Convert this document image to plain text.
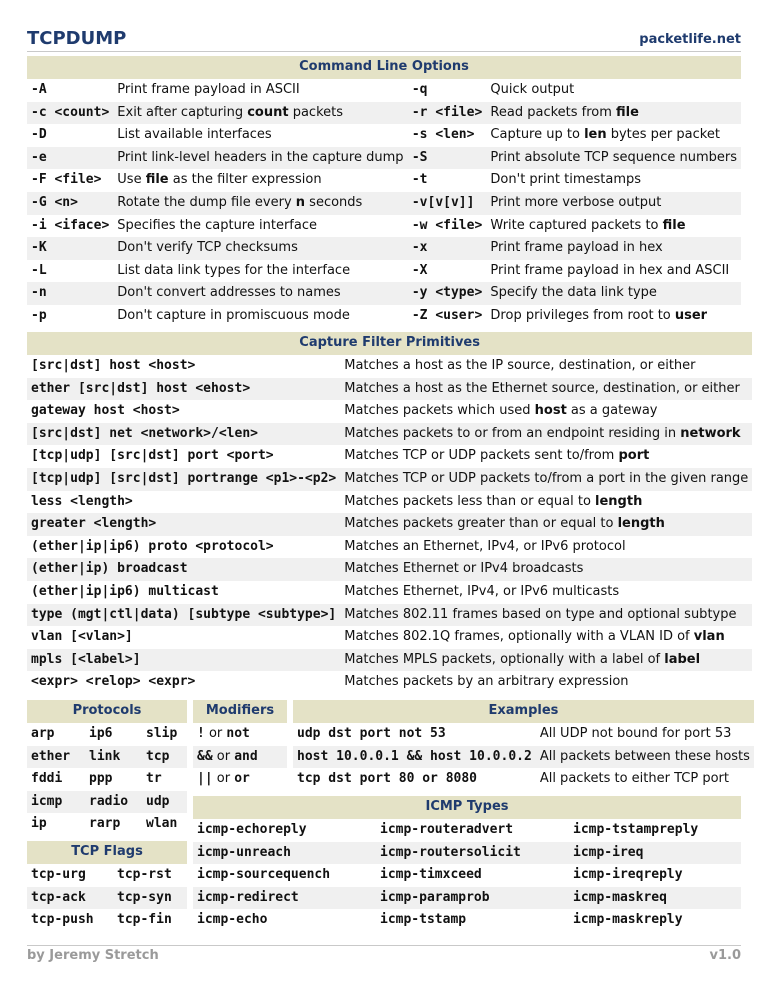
TCPDUMP	packetlife.net
Command Line Options			
-A	Print frame payload in ASCII	-q	Quick output
-c <count>	Exit after capturing count packets	-r <file>	Read packets from file
-D	List available interfaces	-s <len>	Capture up to len bytes per packet
-e	Print link-level headers in the capture dump	-S	Print absolute TCP sequence numbers
-F <file>	Use file as the filter expression	-t	Don't print timestamps
-G <n>	Rotate the dump file every n seconds	-v[v[v]]	Print more verbose output
-i <iface>	Specifies the capture interface	-w <file>	Write captured packets to file
-K	Don't verify TCP checksums	-x	Print frame payload in hex
-L	List data link types for the interface	-X	Print frame payload in hex and ASCII
-n	Don't convert addresses to names	-y <type>	Specify the data link type
-p	Don't capture in promiscuous mode	-Z <user>	Drop privileges from root to user
Capture Filter Primitives	
[src|dst] host <host>	Matches a host as the IP source, destination, or either
ether [src|dst] host <ehost>	Matches a host as the Ethernet source, destination, or either
gateway host <host>	Matches packets which used host as a gateway
[src|dst] net <network>/<len>	Matches packets to or from an endpoint residing in network
[tcp|udp] [src|dst] port <port>	Matches TCP or UDP packets sent to/from port
[tcp|udp] [src|dst] portrange <p1>-<p2>	Matches TCP or UDP packets to/from a port in the given range
less <length>	Matches packets less than or equal to length
greater <length>	Matches packets greater than or equal to length
(ether|ip|ip6) proto <protocol>	Matches an Ethernet, IPv4, or IPv6 protocol
(ether|ip) broadcast	Matches Ethernet or IPv4 broadcasts
(ether|ip|ip6) multicast	Matches Ethernet, IPv4, or IPv6 multicasts
type (mgt|ctl|data) [subtype <subtype>]	Matches 802.11 frames based on type and optional subtype
vlan [<vlan>]	Matches 802.1Q frames, optionally with a VLAN ID of vlan
mpls [<label>]	Matches MPLS packets, optionally with a label of label
<expr> <relop> <expr>	Matches packets by an arbitrary expression
Protocols		
arp	ip6	slip
ether	link	tcp
fddi	ppp	tr
icmp	radio	udp
ip	rarp	wlan
TCP Flags	
tcp-urg	tcp-rst
tcp-ack	tcp-syn
tcp-push	tcp-fin
Modifiers
! or not
&& or and
|| or or
Examples	
udp dst port not 53	All UDP not bound for port 53
host 10.0.0.1 && host 10.0.0.2	All packets between these hosts
tcp dst port 80 or 8080	All packets to either TCP port
ICMP Types		
icmp-echoreply	icmp-routeradvert	icmp-tstampreply
icmp-unreach	icmp-routersolicit	icmp-ireq
icmp-sourcequench	icmp-timxceed	icmp-ireqreply
icmp-redirect	icmp-paramprob	icmp-maskreq
icmp-echo	icmp-tstamp	icmp-maskreply
by Jeremy Stretch	v1.0
